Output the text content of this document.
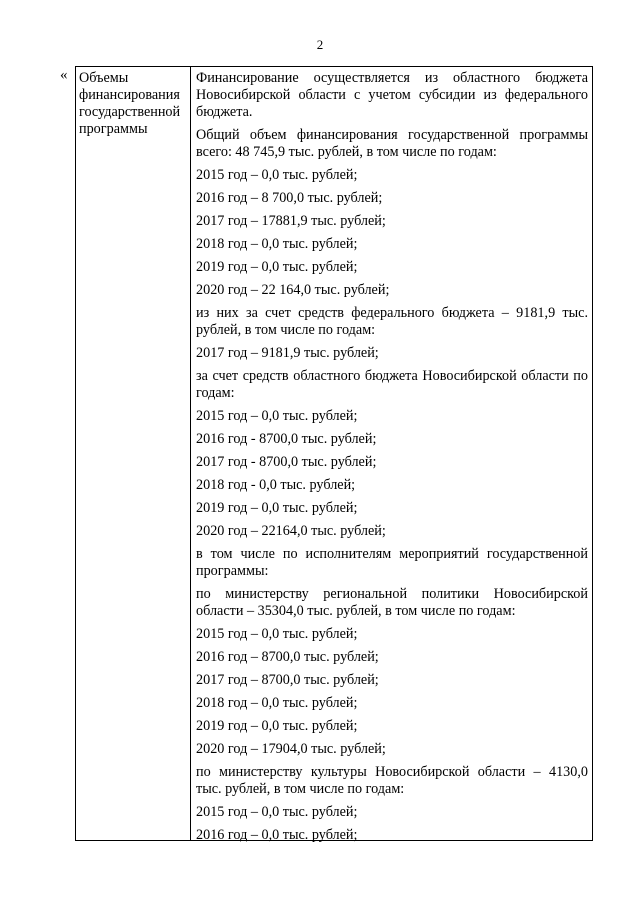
2
« Объемы
финансирования
государственной
программы

Финансирование осуществляется из областного бюджета Новосибирской области с учетом субсидии из федерального бюджета.

Общий объем финансирования государственной программы всего: 48 745,9 тыс. рублей, в том числе по годам:

2015 год – 0,0 тыс. рублей;

2016 год – 8 700,0 тыс. рублей;

2017 год – 17881,9 тыс. рублей;

2018 год – 0,0 тыс. рублей;

2019 год – 0,0 тыс. рублей;

2020 год – 22 164,0 тыс. рублей;

из них за счет средств федерального бюджета – 9181,9 тыс. рублей, в том числе по годам:

2017 год – 9181,9 тыс. рублей;

за счет средств областного бюджета Новосибирской области по годам:

2015 год – 0,0 тыс. рублей;

2016 год - 8700,0 тыс. рублей;

2017 год - 8700,0 тыс. рублей;

2018 год - 0,0 тыс. рублей;

2019 год – 0,0 тыс. рублей;

2020 год – 22164,0 тыс. рублей;

в том числе по исполнителям мероприятий государственной программы:

по министерству региональной политики Новосибирской области – 35304,0 тыс. рублей, в том числе по годам:

2015 год – 0,0 тыс. рублей;

2016 год – 8700,0 тыс. рублей;

2017 год – 8700,0 тыс. рублей;

2018 год – 0,0 тыс. рублей;

2019 год – 0,0 тыс. рублей;

2020 год – 17904,0 тыс. рублей;

по министерству культуры Новосибирской области – 4130,0 тыс. рублей, в том числе по годам:

2015 год – 0,0 тыс. рублей;

2016 год – 0,0 тыс. рублей;
